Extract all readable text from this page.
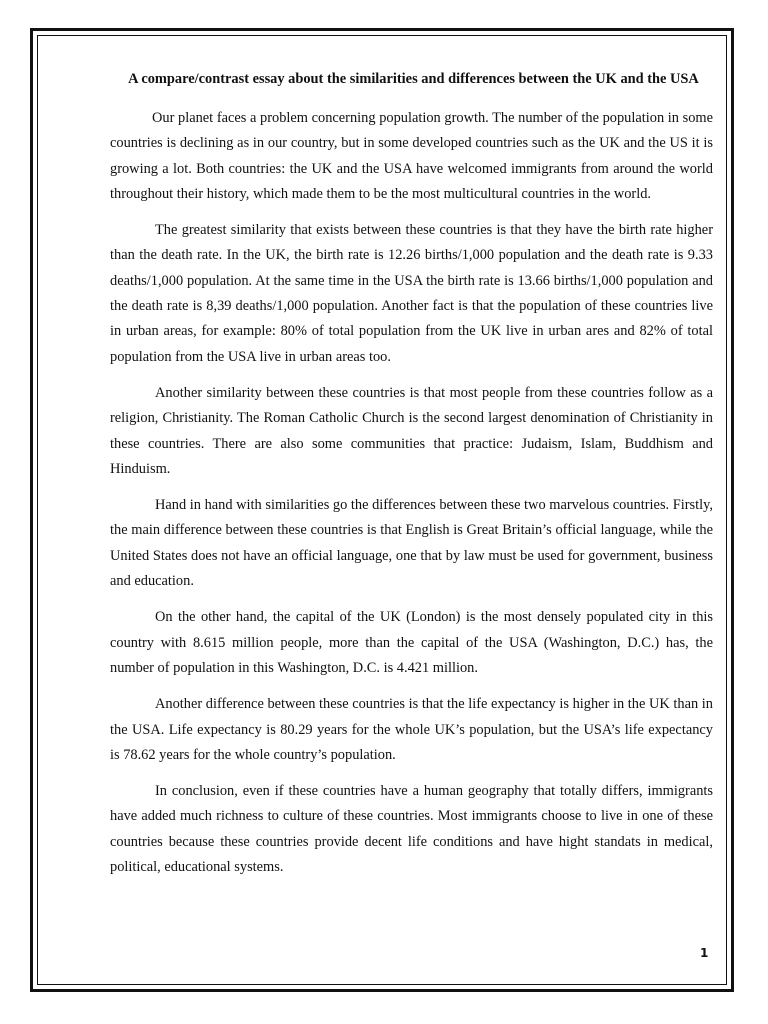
A compare/contrast essay about the similarities and differences between the UK and the USA

Our planet faces a problem concerning population growth. The number of the population in some countries is declining as in our country, but in some developed countries such as the UK and the US it is growing a lot. Both countries: the UK and the USA have welcomed immigrants from around the world throughout their history, which made them to be the most multicultural countries in the world.

The greatest similarity that exists between these countries is that they have the birth rate higher than the death rate. In the UK, the birth rate is 12.26 births/1,000 population and the death rate is 9.33 deaths/1,000 population. At the same time in the USA the birth rate is 13.66 births/1,000 population and the death rate is 8,39 deaths/1,000 population. Another fact is that the population of these countries live in urban areas, for example: 80% of total population from the UK live in urban ares and 82% of total population from the USA live in urban areas too.

Another similarity between these countries is that most people from these countries follow as a religion, Christianity. The Roman Catholic Church is the second largest denomination of Christianity in these countries. There are also some communities that practice: Judaism, Islam, Buddhism and Hinduism.

Hand in hand with similarities go the differences between these two marvelous countries. Firstly, the main difference between these countries is that English is Great Britain’s official language, while the United States does not have an official language, one that by law must be used for government, business and education.

On the other hand, the capital of the UK (London) is the most densely populated city in this country with 8.615 million people, more than the capital of the USA (Washington, D.C.) has, the number of population in this Washington, D.C. is 4.421 million.

Another difference between these countries is that the life expectancy is higher in the UK than in the USA. Life expectancy is 80.29 years for the whole UK’s population, but the USA’s life expectancy is 78.62 years for the whole country’s population.

In conclusion, even if these countries have a human geography that totally differs, immigrants have added much richness to culture of these countries. Most immigrants choose to live in one of these countries because these countries provide decent life conditions and have hight standats in medical, political, educational systems.

1
